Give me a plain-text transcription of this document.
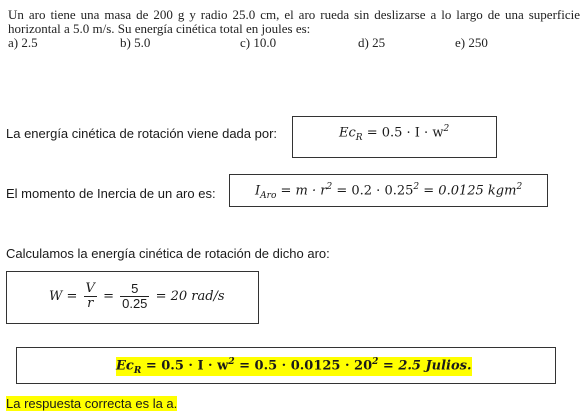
Un aro tiene una masa de 200 g y radio 25.0 cm, el aro rueda sin deslizarse a lo largo de una superficie horizontal a 5.0 m/s. Su energía cinética total en joules es:
a) 2.5	b) 5.0	c) 10.0	d) 25	e) 250
La energía cinética de rotación viene dada por:	$Ec_R = 0.5 \cdot I \cdot w^2$
El momento de Inercia de un aro es:	$I_{Aro} = m \cdot r^2 = 0.2 \cdot 0.25^2 = 0.0125$ kgm$^2$
Calculamos la energía cinética de rotación de dicho aro:
$W = \frac{V}{r} = \frac{5}{0.25} = 20$ rad/s
$Ec_R = 0.5 \cdot I \cdot w^2 = 0.5 \cdot 0.0125 \cdot 20^2 = 2.5$ Julios.
La respuesta correcta es la a.
